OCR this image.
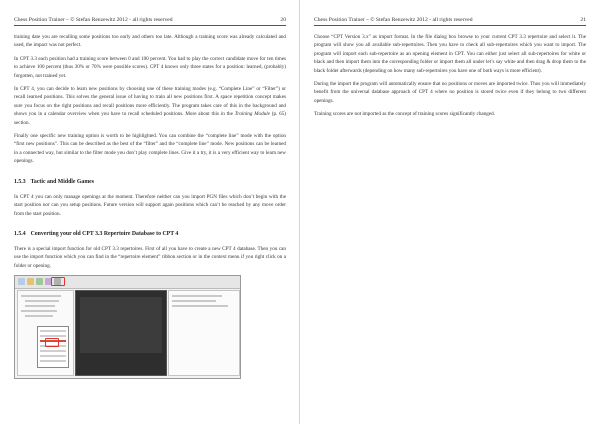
Chess Position Trainer – © Stefan Renzewitz 2012 - all rights reserved	20

training date you are recalling some positions too early and others too late. Although a training score was already calculated and used, the impact was not perfect.

In CPT 3.3 each position had a training score between 0 and 100 percent. You had to play the correct candidate move for ten times to achieve 100 percent (thus 30% or 70% were possible scores). CPT 4 knows only three states for a position: learned, (probably) forgotten, not trained yet.

In CPT 4, you can decide to learn new positions by choosing one of these training modes (e.g. “Complete Line” or “Filter”) or recall learned positions. This solves the general issue of having to train all new positions first. A space repetition concept makes sure you focus on the right positions and recall positions more efficiently. The program takes care of this in the background and shows you in a calendar overview when you have to recall scheduled positions. More about this in the Training Module (p. 65) section.

Finally one specific new training option is worth to be highlighted. You can combine the “complete line” mode with the option “first new positions”. This can be described as the best of the “filter” and the “complete line” mode. New positions can be learned in a connected way, but similar to the filter mode you don’t play complete lines. Give it a try, it is a very efficient way to learn new openings.

1.5.3 Tactic and Middle Games

In CPT 4 you can only manage openings at the moment. Therefore neither can you import PGN files which don’t begin with the start position nor can you setup positions. Future version will support again positions which can’t be reached by any move order from the start position.

1.5.4 Converting your old CPT 3.3 Repertoire Database to CPT 4

There is a special import function for old CPT 3.3 repertoires. First of all you have to create a new CPT 4 database. Then you can use the import function which you can find in the “repertoire element” ribbon section or in the context menu if you right click on a folder or opening.

Chess Position Trainer – © Stefan Renzewitz 2012 - all rights reserved	21

Choose “CPT Version 3.x” as import format. In the file dialog box browse to your current CPT 3.3 repertoire and select it. The program will show you all available sub-repertoires. Then you have to check all sub-repertoires which you want to import. The program will import each sub-repertoire as an opening element in CPT. You can either just select all sub-repertoires for white or black and then import them into the corresponding folder or import them all under let’s say white and then drag & drop them to the black folder afterwards (depending on how many sub-repertoires you have one of both ways is more efficient).

During the import the program will automatically ensure that no positions or moves are imported twice. Thus you will immediately benefit from the universal database approach of CPT 4 where no position is stored twice even if they belong to two different openings.

Training scores are not imported as the concept of training scores significantly changed.
